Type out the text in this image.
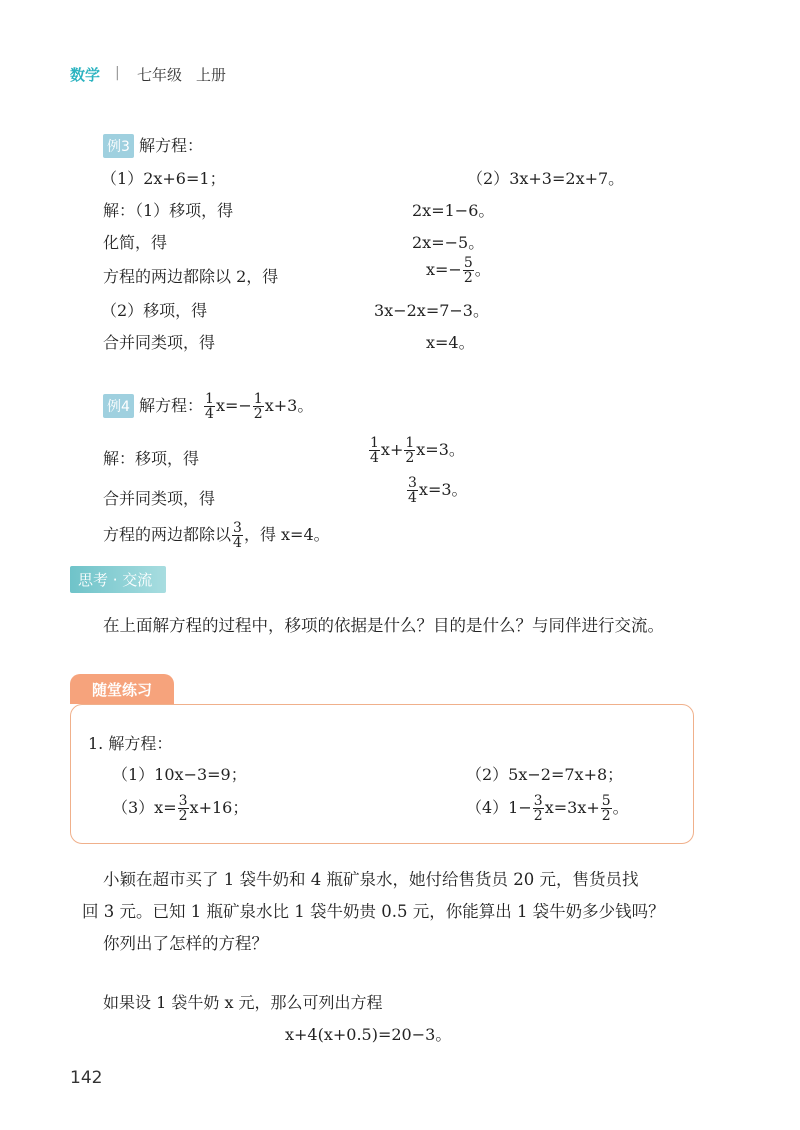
数学 | 七年级 上册
例3 解方程：
（1）2x+6=1；	（2）3x+3=2x+7。
解：（1）移项，得	2x=1−6。
化简，得	2x=−5。
方程的两边都除以 2，得	$x=- \frac{5}{2}$ 。
（2）移项，得	3x−2x=7−3。
合并同类项，得	x=4。
例4 解方程： $\frac{1}{4} x=- \frac{1}{2} x+3$。
解：移项，得	$\frac{1}{4} x+ \frac{1}{2} x=3$。
合并同类项，得	$\frac{3}{4} x=3$。
方程的两边都除以 $\frac{3}{4}$ ，得 x=4。
思考 · 交流
在上面解方程的过程中，移项的依据是什么？目的是什么？与同伴进行交流。
随堂练习
1. 解方程：
（1）10x−3=9；	（2）5x−2=7x+8；
$(3)x= \frac{3}{2} x+16$；	$(4)1- \frac{3}{2} x=3x+ \frac{5}{2}$ 。
小颖在超市买了 1 袋牛奶和 4 瓶矿泉水，她付给售货员 20 元，售货员找
回 3 元。已知 1 瓶矿泉水比 1 袋牛奶贵 0.5 元，你能算出 1 袋牛奶多少钱吗？
你列出了怎样的方程？
如果设 1 袋牛奶 x 元，那么可列出方程
x+4(x+0.5)=20−3。
142
